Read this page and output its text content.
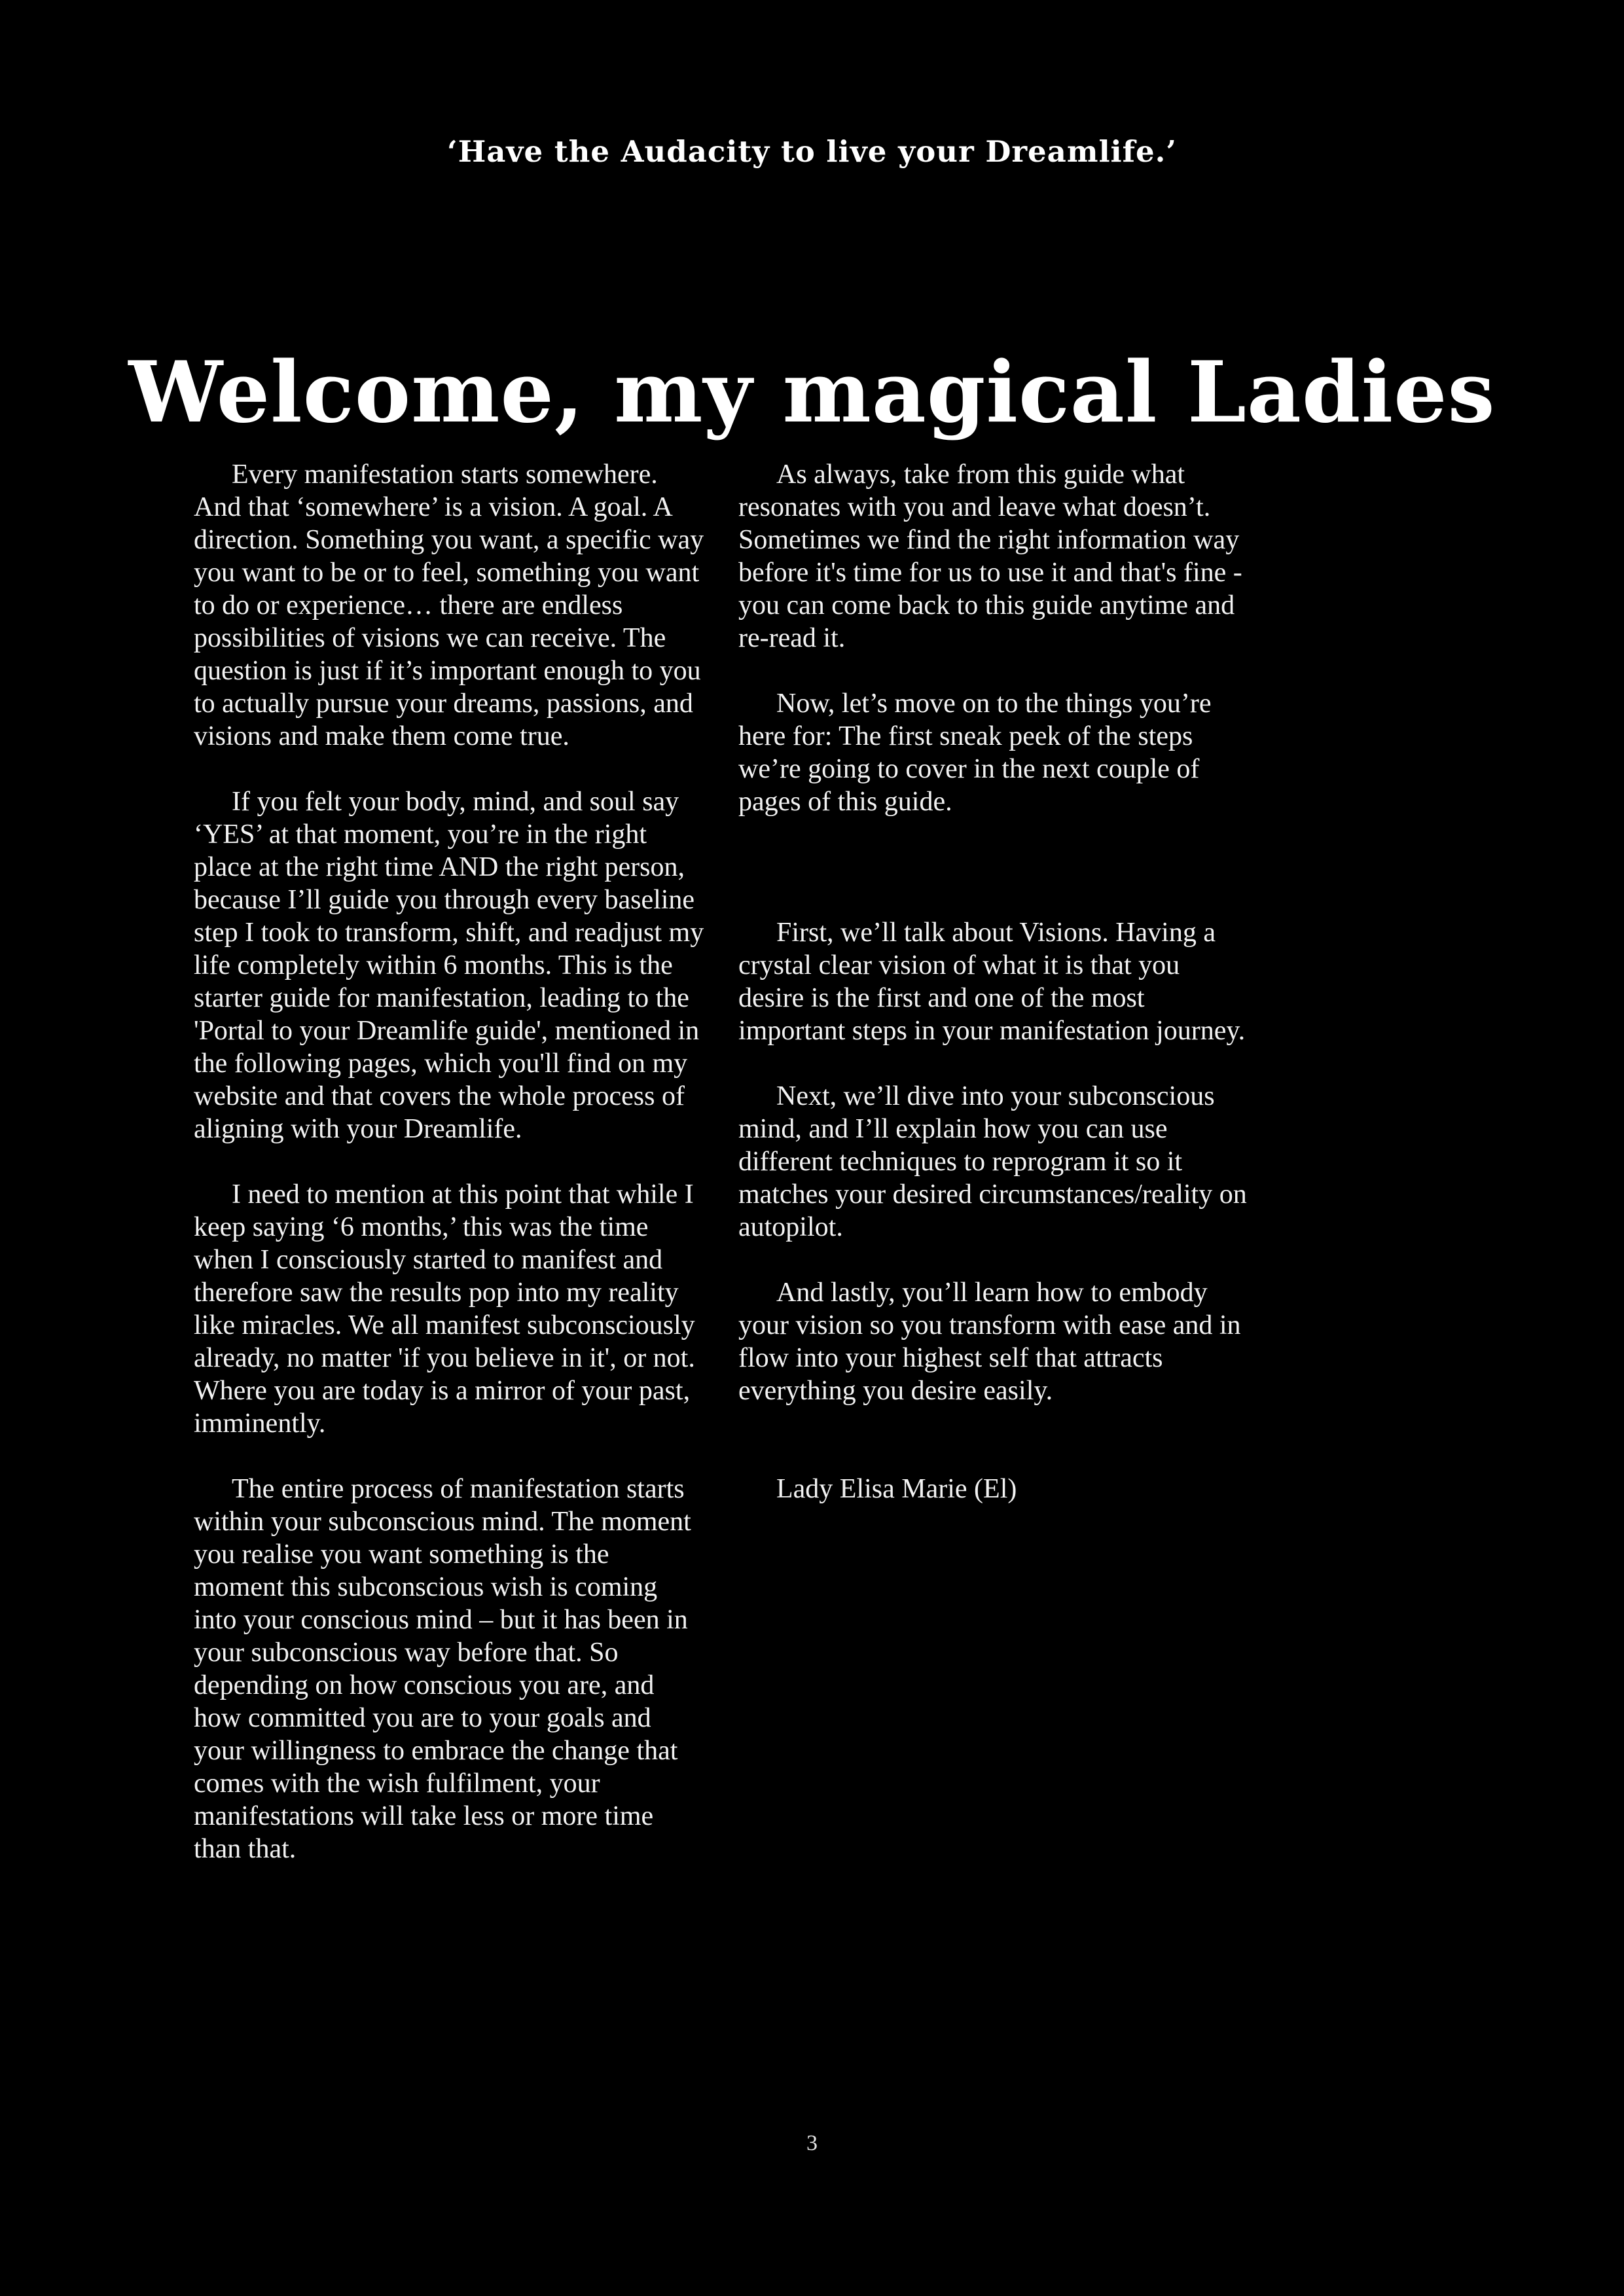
‘Have the Audacity to live your Dreamlife.’
Welcome, my magical Ladies

Every manifestation starts somewhere. And that ‘somewhere’ is a vision. A goal. A direction. Something you want, a specific way you want to be or to feel, something you want to do or experience… there are endless possibilities of visions we can receive. The question is just if it’s important enough to you to actually pursue your dreams, passions, and visions and make them come true.

If you felt your body, mind, and soul say ‘YES’ at that moment, you’re in the right place at the right time AND the right person, because I’ll guide you through every baseline step I took to transform, shift, and readjust my life completely within 6 months. This is the starter guide for manifestation, leading to the 'Portal to your Dreamlife guide', mentioned in the following pages, which you'll find on my website and that covers the whole process of aligning with your Dreamlife.

I need to mention at this point that while I keep saying ‘6 months,’ this was the time when I consciously started to manifest and therefore saw the results pop into my reality like miracles. We all manifest subconsciously already, no matter 'if you believe in it', or not. Where you are today is a mirror of your past, imminently.

The entire process of manifestation starts within your subconscious mind. The moment you realise you want something is the moment this subconscious wish is coming into your conscious mind – but it has been in your subconscious way before that. So depending on how conscious you are, and how committed you are to your goals and your willingness to embrace the change that comes with the wish fulfilment, your manifestations will take less or more time than that.

As always, take from this guide what resonates with you and leave what doesn’t. Sometimes we find the right information way before it's time for us to use it and that's fine - you can come back to this guide anytime and re-read it.

Now, let’s move on to the things you’re here for: The first sneak peek of the steps we’re going to cover in the next couple of pages of this guide.

First, we’ll talk about Visions. Having a crystal clear vision of what it is that you desire is the first and one of the most important steps in your manifestation journey.

Next, we’ll dive into your subconscious mind, and I’ll explain how you can use different techniques to reprogram it so it matches your desired circumstances/reality on autopilot.

And lastly, you’ll learn how to embody your vision so you transform with ease and in flow into your highest self that attracts everything you desire easily.

Lady Elisa Marie (El)

3
